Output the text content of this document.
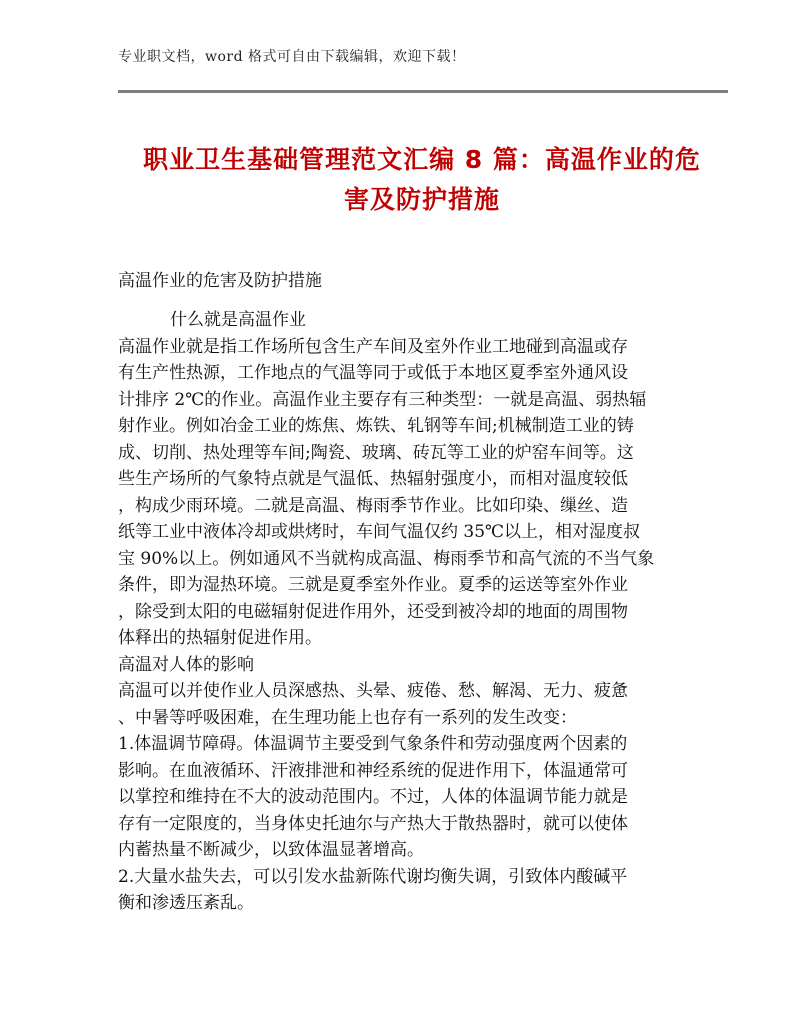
专业职文档，word 格式可自由下载编辑，欢迎下载！
职业卫生基础管理范文汇编 8 篇：高温作业的危
害及防护措施
高温作业的危害及防护措施
什么就是高温作业
高温作业就是指工作场所包含生产车间及室外作业工地碰到高温或存
有生产性热源，工作地点的气温等同于或低于本地区夏季室外通风设
计排序 2℃的作业。高温作业主要存有三种类型：一就是高温、弱热辐
射作业。例如冶金工业的炼焦、炼铁、轧钢等车间;机械制造工业的铸
成、切削、热处理等车间;陶瓷、玻璃、砖瓦等工业的炉窑车间等。这
些生产场所的气象特点就是气温低、热辐射强度小，而相对温度较低
，构成少雨环境。二就是高温、梅雨季节作业。比如印染、缫丝、造
纸等工业中液体冷却或烘烤时，车间气温仅约 35℃以上，相对湿度叔
宝 90%以上。例如通风不当就构成高温、梅雨季节和高气流的不当气象
条件，即为湿热环境。三就是夏季室外作业。夏季的运送等室外作业
，除受到太阳的电磁辐射促进作用外，还受到被冷却的地面的周围物
体释出的热辐射促进作用。
高温对人体的影响
高温可以并使作业人员深感热、头晕、疲倦、愁、解渴、无力、疲惫
、中暑等呼吸困难，在生理功能上也存有一系列的发生改变：
1.体温调节障碍。体温调节主要受到气象条件和劳动强度两个因素的
影响。在血液循环、汗液排泄和神经系统的促进作用下，体温通常可
以掌控和维持在不大的波动范围内。不过，人体的体温调节能力就是
存有一定限度的，当身体史托迪尔与产热大于散热器时，就可以使体
内蓄热量不断减少，以致体温显著增高。
2.大量水盐失去，可以引发水盐新陈代谢均衡失调，引致体内酸碱平
衡和渗透压紊乱。
